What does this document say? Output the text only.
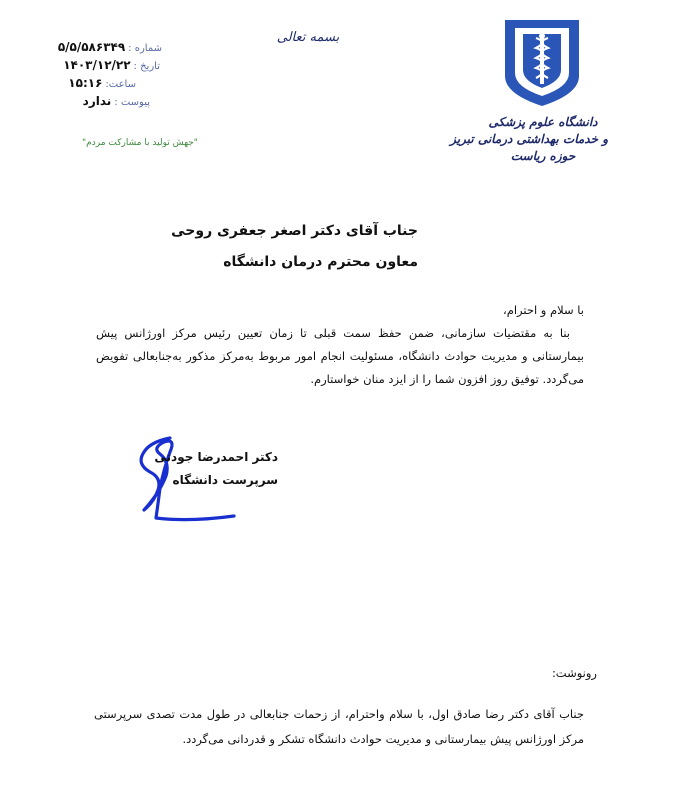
دانشگاه علوم پزشکی
و خدمات بهداشتی درمانی تبریز
حوزه ریاست
بسمه تعالی
شماره :
۵/۵/۵۸۶۳۴۹
تاریخ :
۱۴۰۳/۱۲/۲۲
ساعت:
۱۵:۱۶
پیوست :
ندارد
"جهش تولید با مشارکت مردم"
جناب آقای دکتر اصغر جعفری روحی
معاون محترم درمان دانشگاه
با سلام و احترام،
بنا به مقتضیات سازمانی، ضمن حفظ سمت قبلی تا زمان تعیین رئیس مرکز اورژانس پیش بیمارستانی و مدیریت حوادث دانشگاه، مسئولیت انجام امور مربوط به‌مرکز مذکور به‌جنابعالی تفویض می‌گردد. توفیق روز افزون شما را از ایزد منان خواستارم.
دکتر احمدرضا جودتی
سرپرست دانشگاه
رونوشت:
جناب آقای دکتر رضا صادق اول، با سلام واحترام، از زحمات جنابعالی در طول مدت تصدی سرپرستی مرکز اورژانس پیش بیمارستانی و مدیریت حوادث دانشگاه تشکر و قدردانی می‌گردد.
